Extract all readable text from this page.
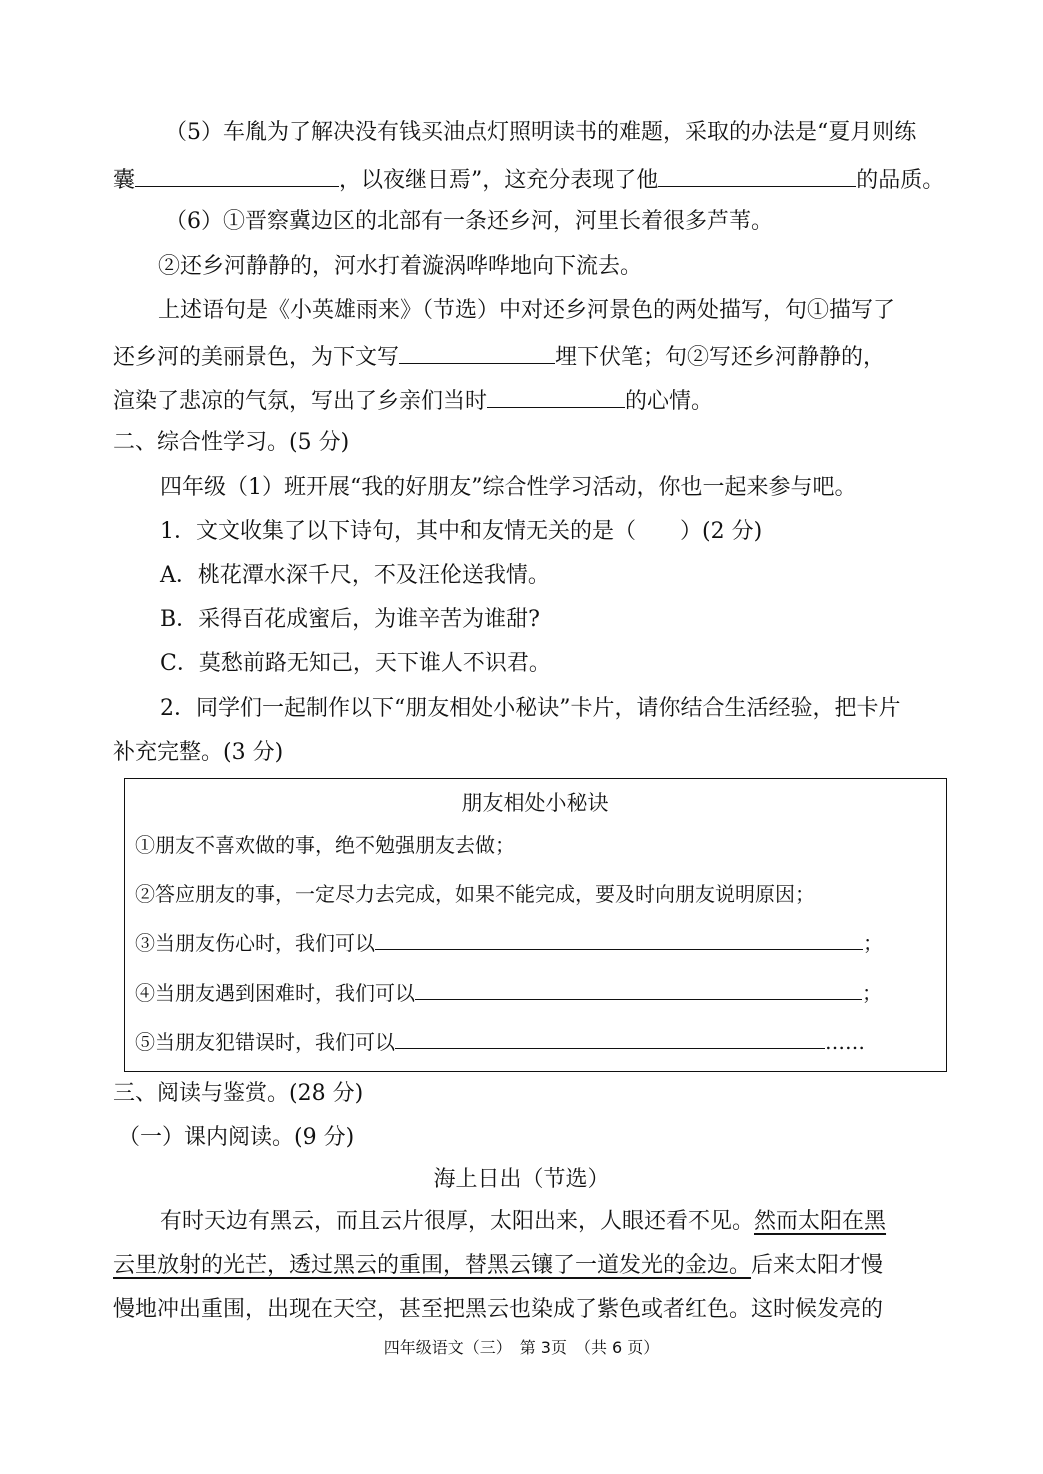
（5）车胤为了解决没有钱买油点灯照明读书的难题，采取的办法是“夏月则练
囊	，以夜继日焉”，这充分表现了他	的品质。
（6）①晋察冀边区的北部有一条还乡河，河里长着很多芦苇。
②还乡河静静的，河水打着漩涡哗哗地向下流去。
上述语句是《小英雄雨来》（节选）中对还乡河景色的两处描写，句①描写了
还乡河的美丽景色，为下文写	埋下伏笔；句②写还乡河静静的，
渲染了悲凉的气氛，写出了乡亲们当时	的心情。
二、综合性学习。(5 分)
四年级（1）班开展“我的好朋友”综合性学习活动，你也一起来参与吧。
1．文文收集了以下诗句，其中和友情无关的是（　　）(2 分)
A．桃花潭水深千尺，不及汪伦送我情。
B．采得百花成蜜后，为谁辛苦为谁甜?
C．莫愁前路无知己，天下谁人不识君。
2．同学们一起制作以下“朋友相处小秘诀”卡片，请你结合生活经验，把卡片
补充完整。(3 分)
朋友相处小秘诀
①朋友不喜欢做的事，绝不勉强朋友去做；
②答应朋友的事，一定尽力去完成，如果不能完成，要及时向朋友说明原因；
③当朋友伤心时，我们可以	；
④当朋友遇到困难时，我们可以	；
⑤当朋友犯错误时，我们可以	……
三、阅读与鉴赏。(28 分)
（一）课内阅读。(9 分)
海上日出（节选）
有时天边有黑云，而且云片很厚，太阳出来，人眼还看不见。然而太阳在黑
云里放射的光芒，透过黑云的重围，替黑云镶了一道发光的金边。后来太阳才慢
慢地冲出重围，出现在天空，甚至把黑云也染成了紫色或者红色。这时候发亮的
四年级语文（三）　第 3页　（共 6 页）
